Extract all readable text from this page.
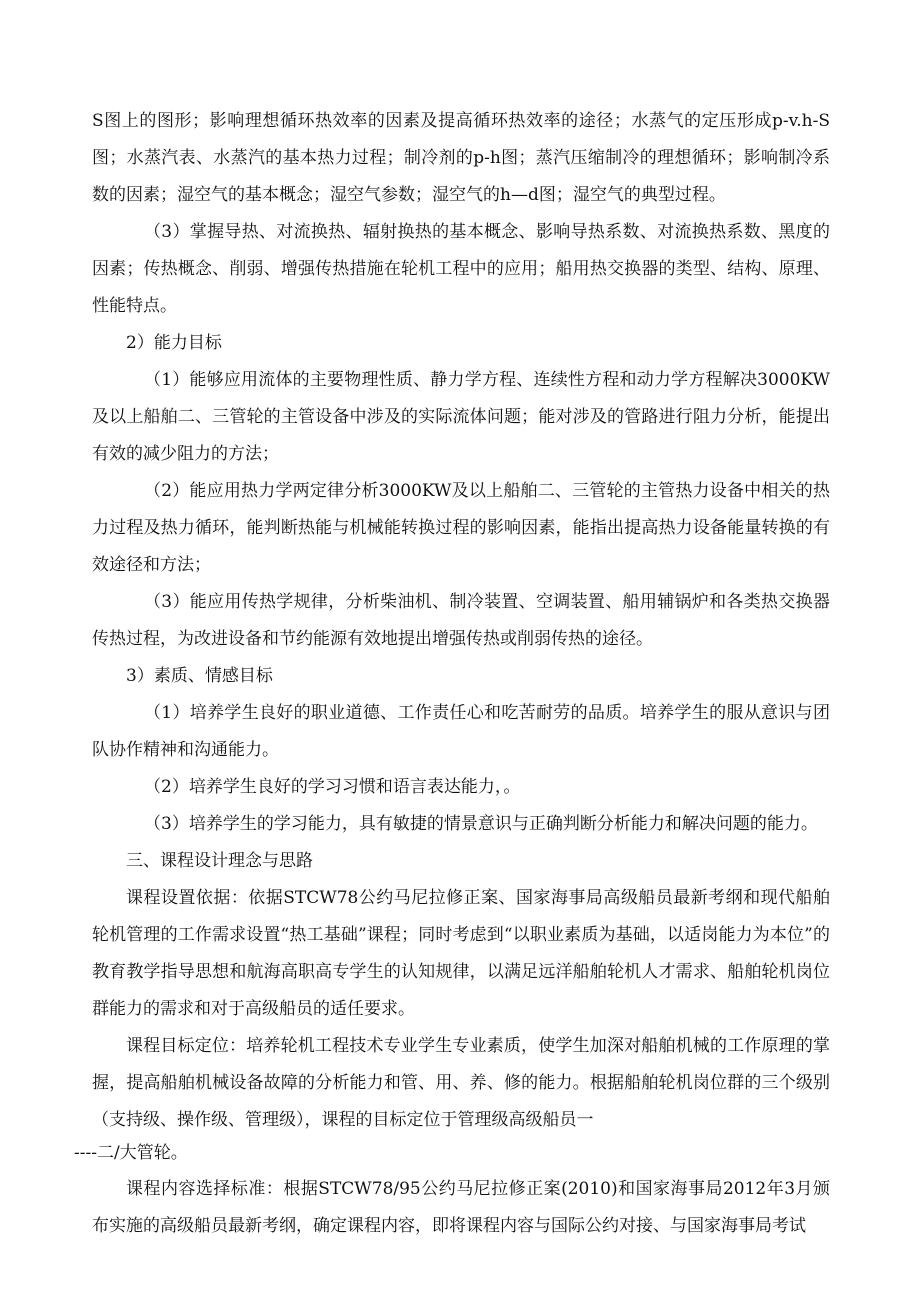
S图上的图形；影响理想循环热效率的因素及提高循环热效率的途径；水蒸气的定压形成p-v.h-S图；水蒸汽表、水蒸汽的基本热力过程；制冷剂的p-h图；蒸汽压缩制冷的理想循环；影响制冷系数的因素；湿空气的基本概念；湿空气参数；湿空气的h—d图；湿空气的典型过程。

（3）掌握导热、对流换热、辐射换热的基本概念、影响导热系数、对流换热系数、黑度的因素；传热概念、削弱、增强传热措施在轮机工程中的应用；船用热交换器的类型、结构、原理、性能特点。

2）能力目标

（1）能够应用流体的主要物理性质、静力学方程、连续性方程和动力学方程解决3000KW及以上船舶二、三管轮的主管设备中涉及的实际流体问题；能对涉及的管路进行阻力分析，能提出有效的减少阻力的方法；

（2）能应用热力学两定律分析3000KW及以上船舶二、三管轮的主管热力设备中相关的热力过程及热力循环，能判断热能与机械能转换过程的影响因素，能指出提高热力设备能量转换的有效途径和方法；

（3）能应用传热学规律，分析柴油机、制冷装置、空调装置、船用辅锅炉和各类热交换器传热过程，为改进设备和节约能源有效地提出增强传热或削弱传热的途径。

3）素质、情感目标

（1）培养学生良好的职业道德、工作责任心和吃苦耐劳的品质。培养学生的服从意识与团队协作精神和沟通能力。

（2）培养学生良好的学习习惯和语言表达能力，。

（3）培养学生的学习能力，具有敏捷的情景意识与正确判断分析能力和解决问题的能力。

三、课程设计理念与思路

课程设置依据：依据STCW78公约马尼拉修正案、国家海事局高级船员最新考纲和现代船舶轮机管理的工作需求设置“热工基础”课程；同时考虑到“以职业素质为基础，以适岗能力为本位”的教育教学指导思想和航海高职高专学生的认知规律，以满足远洋船舶轮机人才需求、船舶轮机岗位群能力的需求和对于高级船员的适任要求。

课程目标定位：培养轮机工程技术专业学生专业素质，使学生加深对船舶机械的工作原理的掌握，提高船舶机械设备故障的分析能力和管、用、养、修的能力。根据船舶轮机岗位群的三个级别（支持级、操作级、管理级），课程的目标定位于管理级高级船员一

----二/大管轮。

课程内容选择标准：根据STCW78/95公约马尼拉修正案(2010)和国家海事局2012年3月颁布实施的高级船员最新考纲，确定课程内容，即将课程内容与国际公约对接、与国家海事局考试
